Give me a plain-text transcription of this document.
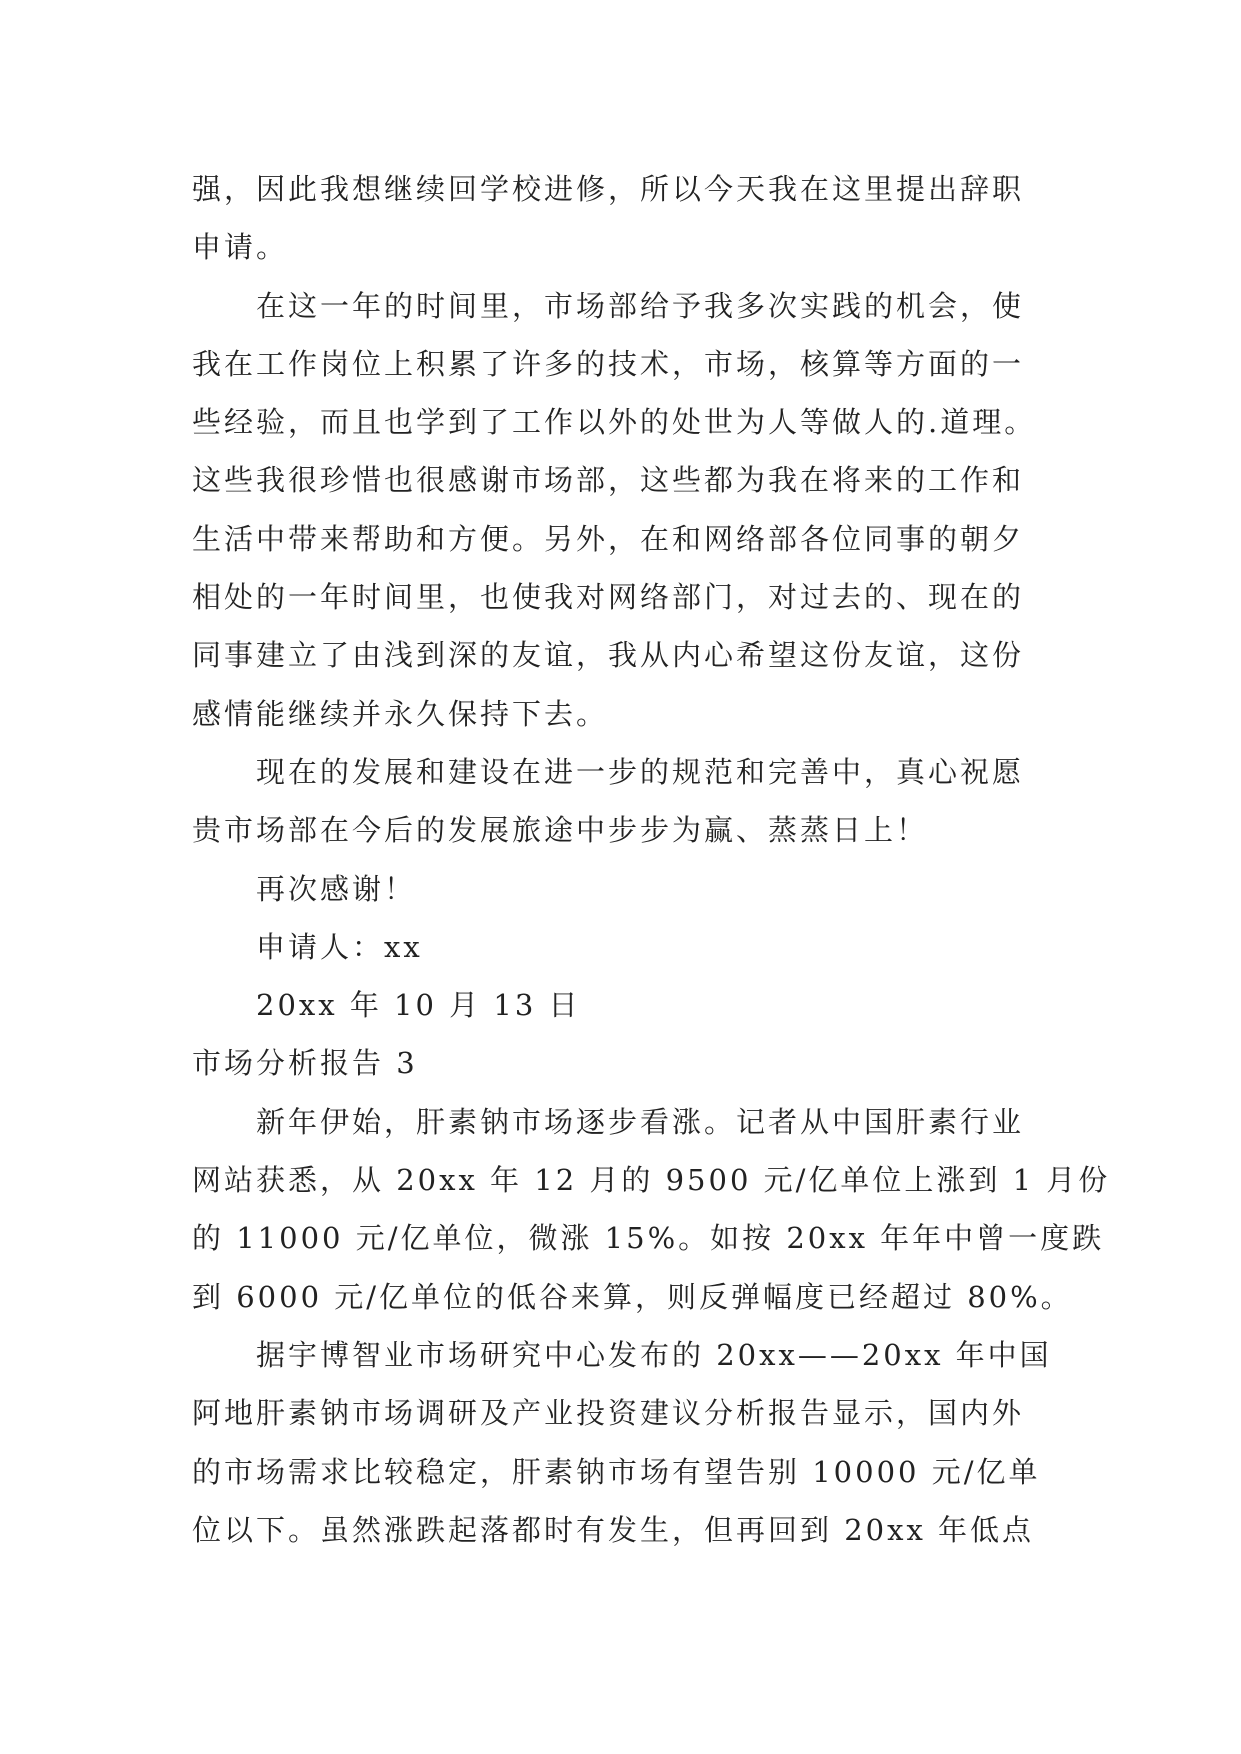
强，因此我想继续回学校进修，所以今天我在这里提出辞职

申请。

在这一年的时间里，市场部给予我多次实践的机会，使

我在工作岗位上积累了许多的技术，市场，核算等方面的一

些经验，而且也学到了工作以外的处世为人等做人的.道理。

这些我很珍惜也很感谢市场部，这些都为我在将来的工作和

生活中带来帮助和方便。另外，在和网络部各位同事的朝夕

相处的一年时间里，也使我对网络部门，对过去的、现在的

同事建立了由浅到深的友谊，我从内心希望这份友谊，这份

感情能继续并永久保持下去。

现在的发展和建设在进一步的规范和完善中，真心祝愿

贵市场部在今后的发展旅途中步步为赢、蒸蒸日上！

再次感谢！

申请人：xx

20xx 年 10 月 13 日

市场分析报告 3

新年伊始，肝素钠市场逐步看涨。记者从中国肝素行业

网站获悉，从 20xx 年 12 月的 9500 元/亿单位上涨到 1 月份

的 11000 元/亿单位，微涨 15%。如按 20xx 年年中曾一度跌

到 6000 元/亿单位的低谷来算，则反弹幅度已经超过 80%。

据宇博智业市场研究中心发布的 20xx——20xx 年中国

阿地肝素钠市场调研及产业投资建议分析报告显示，国内外

的市场需求比较稳定，肝素钠市场有望告别 10000 元/亿单

位以下。虽然涨跌起落都时有发生，但再回到 20xx 年低点
